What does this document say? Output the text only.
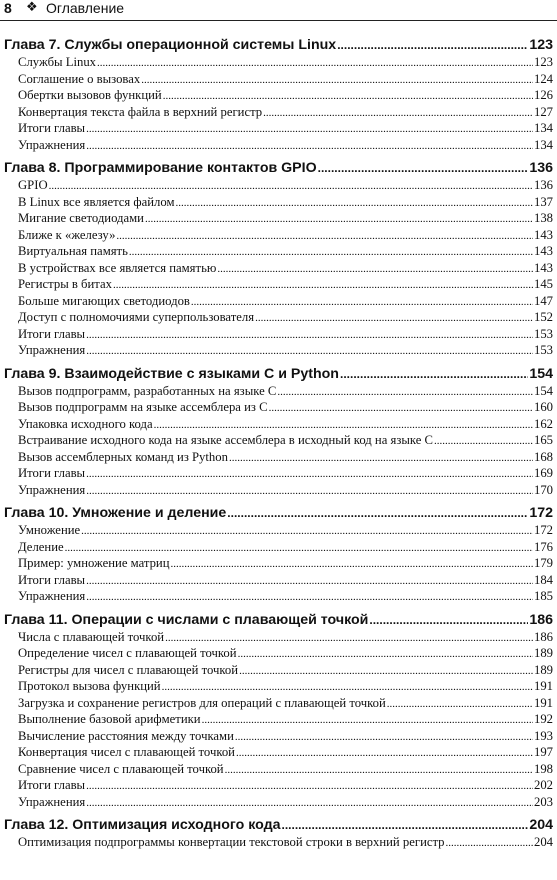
8 ❖ Оглавление
Глава 7. Службы операционной системы Linux .....	123
Службы Linux .....	123
Соглашение о вызовах .....	124
Обертки вызовов функций .....	126
Конвертация текста файла в верхний регистр .....	127
Итоги главы .....	134
Упражнения .....	134
Глава 8. Программирование контактов GPIO .....	136
GPIO .....	136
В Linux все является файлом .....	137
Мигание светодиодами .....	138
Ближе к «железу» .....	143
Виртуальная память .....	143
В устройствах все является памятью .....	143
Регистры в битах .....	145
Больше мигающих светодиодов .....	147
Доступ с полномочиями суперпользователя .....	152
Итоги главы .....	153
Упражнения .....	153
Глава 9. Взаимодействие с языками C и Python .....	154
Вызов подпрограмм, разработанных на языке C .....	154
Вызов подпрограмм на языке ассемблера из C .....	160
Упаковка исходного кода .....	162
Встраивание исходного кода на языке ассемблера в исходный код на языке C .....	165
Вызов ассемблерных команд из Python .....	168
Итоги главы .....	169
Упражнения .....	170
Глава 10. Умножение и деление .....	172
Умножение .....	172
Деление .....	176
Пример: умножение матриц .....	179
Итоги главы .....	184
Упражнения .....	185
Глава 11. Операции с числами с плавающей точкой .....	186
Числа с плавающей точкой .....	186
Определение чисел с плавающей точкой .....	189
Регистры для чисел с плавающей точкой .....	189
Протокол вызова функций .....	191
Загрузка и сохранение регистров для операций с плавающей точкой .....	191
Выполнение базовой арифметики .....	192
Вычисление расстояния между точками .....	193
Конвертация чисел с плавающей точкой .....	197
Сравнение чисел с плавающей точкой .....	198
Итоги главы .....	202
Упражнения .....	203
Глава 12. Оптимизация исходного кода .....	204
Оптимизация подпрограммы конвертации текстовой строки в верхний регистр .....	204
